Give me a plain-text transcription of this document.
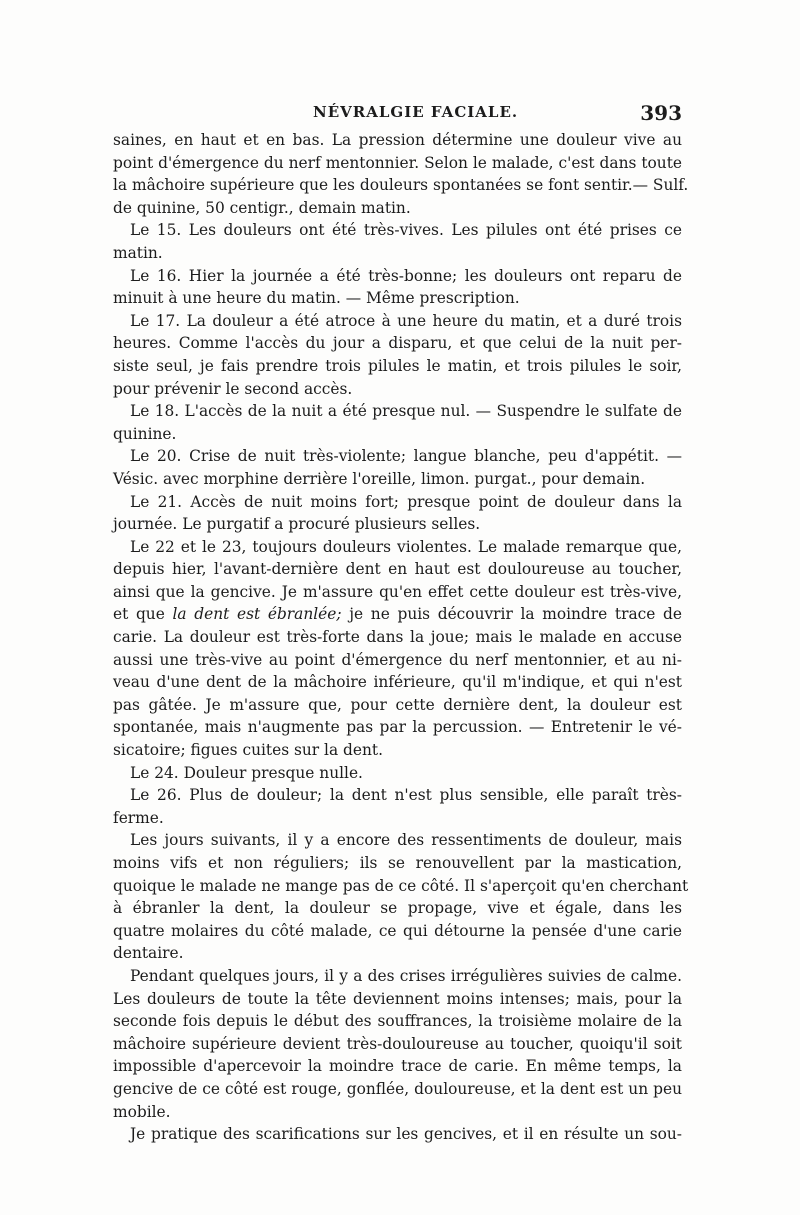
NÉVRALGIE FACIALE.	393

saines, en haut et en bas. La pression détermine une douleur vive au

point d'émergence du nerf mentonnier. Selon le malade, c'est dans toute

la mâchoire supérieure que les douleurs spontanées se font sentir.— Sulf.

de quinine, 50 centigr., demain matin.

Le 15. Les douleurs ont été très-vives. Les pilules ont été prises ce

matin.

Le 16. Hier la journée a été très-bonne; les douleurs ont reparu de

minuit à une heure du matin. — Même prescription.

Le 17. La douleur a été atroce à une heure du matin, et a duré trois

heures. Comme l'accès du jour a disparu, et que celui de la nuit per-

siste seul, je fais prendre trois pilules le matin, et trois pilules le soir,

pour prévenir le second accès.

Le 18. L'accès de la nuit a été presque nul. — Suspendre le sulfate de

quinine.

Le 20. Crise de nuit très-violente; langue blanche, peu d'appétit. —

Vésic. avec morphine derrière l'oreille, limon. purgat., pour demain.

Le 21. Accès de nuit moins fort; presque point de douleur dans la

journée. Le purgatif a procuré plusieurs selles.

Le 22 et le 23, toujours douleurs violentes. Le malade remarque que,

depuis hier, l'avant-dernière dent en haut est douloureuse au toucher,

ainsi que la gencive. Je m'assure qu'en effet cette douleur est très-vive,

et que la dent est ébranlée; je ne puis découvrir la moindre trace de

carie. La douleur est très-forte dans la joue; mais le malade en accuse

aussi une très-vive au point d'émergence du nerf mentonnier, et au ni-

veau d'une dent de la mâchoire inférieure, qu'il m'indique, et qui n'est

pas gâtée. Je m'assure que, pour cette dernière dent, la douleur est

spontanée, mais n'augmente pas par la percussion. — Entretenir le vé-

sicatoire; figues cuites sur la dent.

Le 24. Douleur presque nulle.

Le 26. Plus de douleur; la dent n'est plus sensible, elle paraît très-

ferme.

Les jours suivants, il y a encore des ressentiments de douleur, mais

moins vifs et non réguliers; ils se renouvellent par la mastication,

quoique le malade ne mange pas de ce côté. Il s'aperçoit qu'en cherchant

à ébranler la dent, la douleur se propage, vive et égale, dans les

quatre molaires du côté malade, ce qui détourne la pensée d'une carie

dentaire.

Pendant quelques jours, il y a des crises irrégulières suivies de calme.

Les douleurs de toute la tête deviennent moins intenses; mais, pour la

seconde fois depuis le début des souffrances, la troisième molaire de la

mâchoire supérieure devient très-douloureuse au toucher, quoiqu'il soit

impossible d'apercevoir la moindre trace de carie. En même temps, la

gencive de ce côté est rouge, gonflée, douloureuse, et la dent est un peu

mobile.

Je pratique des scarifications sur les gencives, et il en résulte un sou-
